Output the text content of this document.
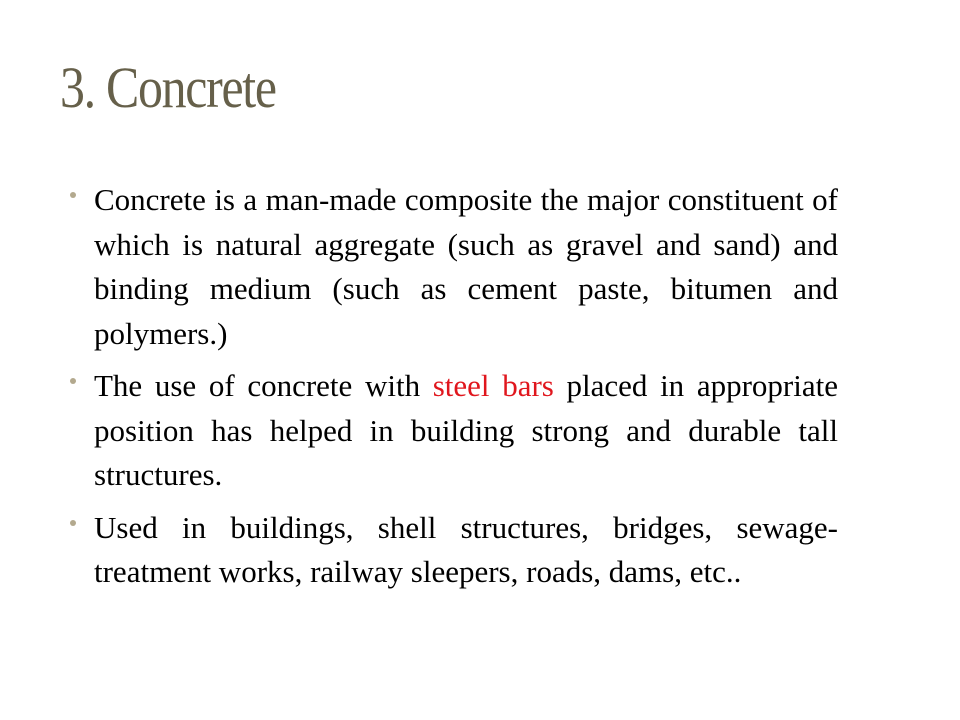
3. Concrete
Concrete is a man-made composite the major constituent of which is natural aggregate (such as gravel and sand) and binding medium (such as cement paste, bitumen and polymers.)
The use of concrete with steel bars placed in appropriate position has helped in building strong and durable tall structures.
Used in buildings, shell structures, bridges, sewage-treatment works, railway sleepers, roads, dams, etc..
